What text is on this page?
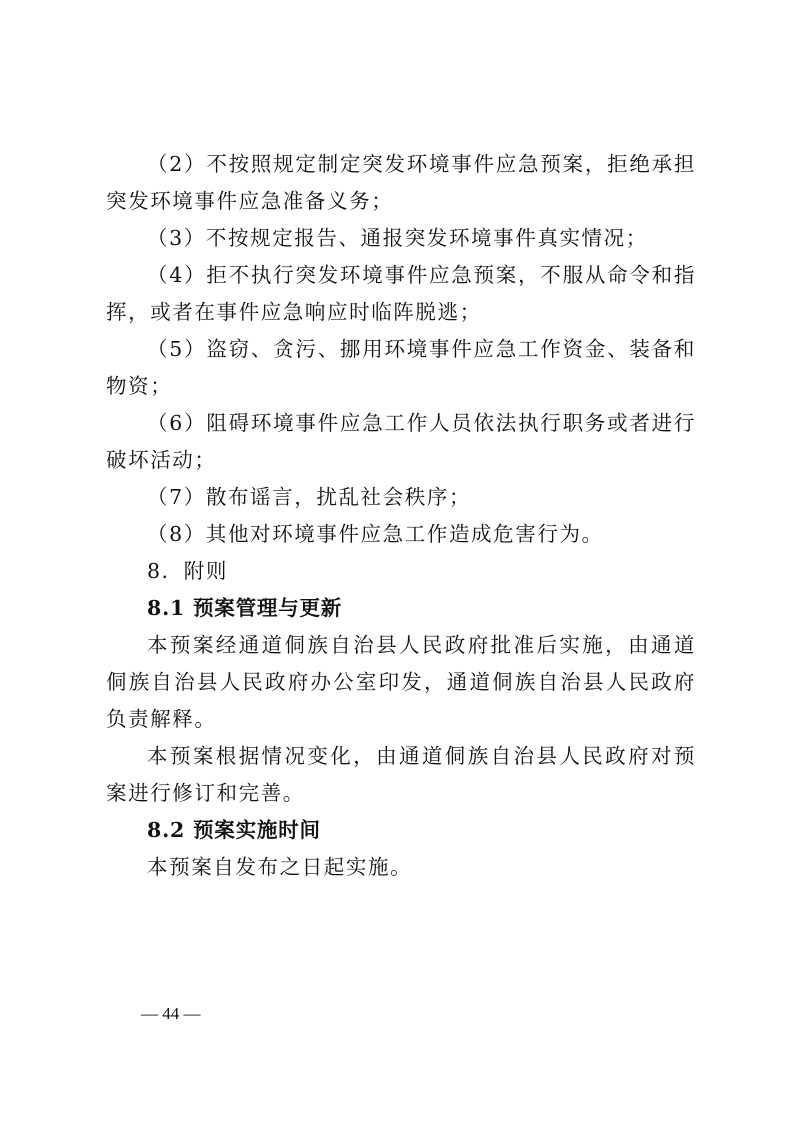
（2）不按照规定制定突发环境事件应急预案，拒绝承担突发环境事件应急准备义务；

（3）不按规定报告、通报突发环境事件真实情况；

（4）拒不执行突发环境事件应急预案，不服从命令和指挥，或者在事件应急响应时临阵脱逃；

（5）盗窃、贪污、挪用环境事件应急工作资金、装备和物资；

（6）阻碍环境事件应急工作人员依法执行职务或者进行破坏活动；

（7）散布谣言，扰乱社会秩序；

（8）其他对环境事件应急工作造成危害行为。

8．附则

8.1 预案管理与更新

本预案经通道侗族自治县人民政府批准后实施，由通道侗族自治县人民政府办公室印发，通道侗族自治县人民政府负责解释。

本预案根据情况变化，由通道侗族自治县人民政府对预案进行修订和完善。

8.2 预案实施时间

本预案自发布之日起实施。

— 44 —
